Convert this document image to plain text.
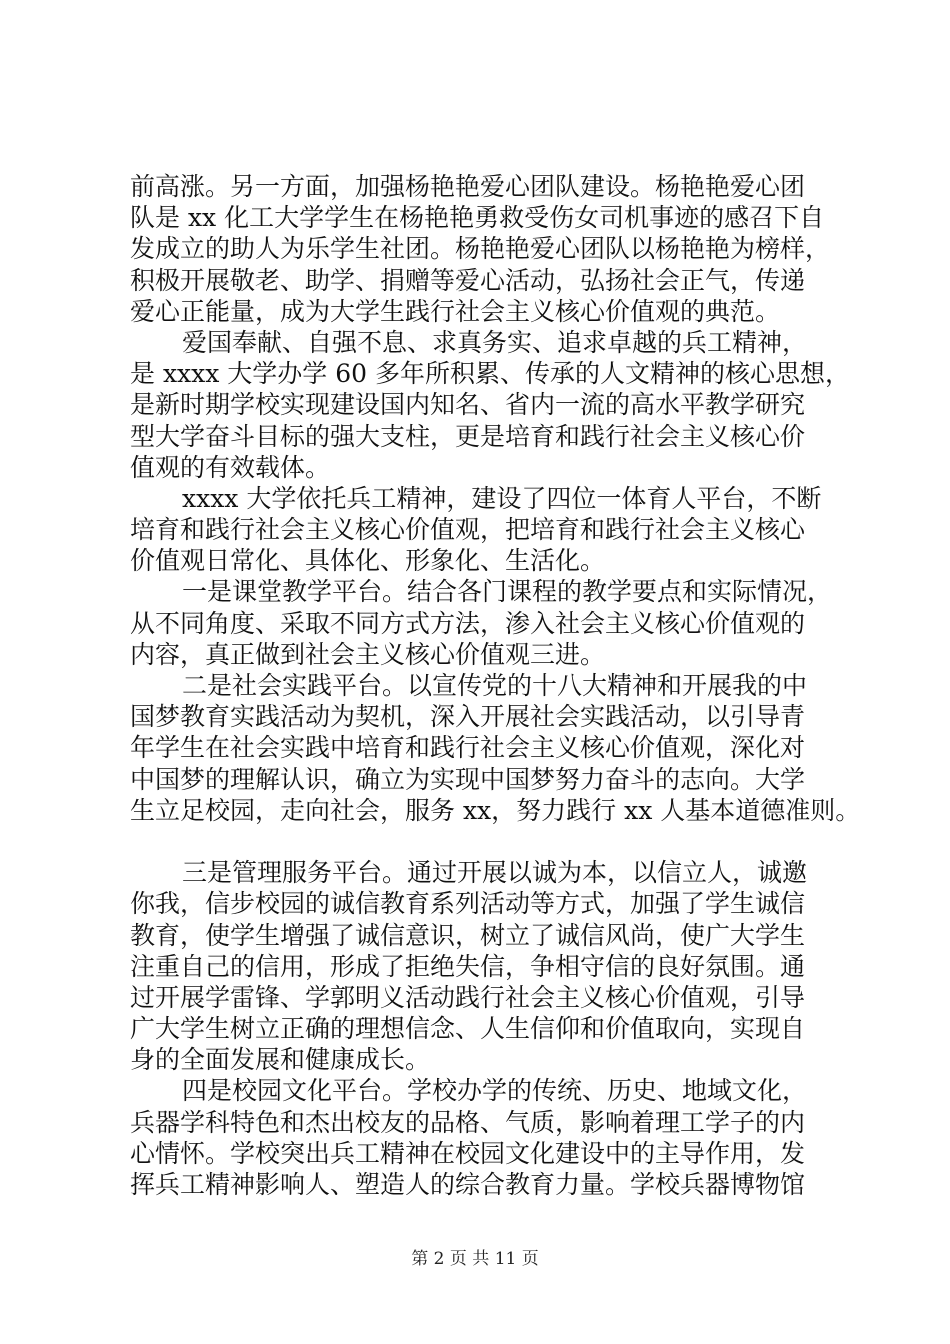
前高涨。另一方面，加强杨艳艳爱心团队建设。杨艳艳爱心团
队是 xx 化工大学学生在杨艳艳勇救受伤女司机事迹的感召下自
发成立的助人为乐学生社团。杨艳艳爱心团队以杨艳艳为榜样，
积极开展敬老、助学、捐赠等爱心活动，弘扬社会正气，传递
爱心正能量，成为大学生践行社会主义核心价值观的典范。
爱国奉献、自强不息、求真务实、追求卓越的兵工精神，
是 xxxx 大学办学 60 多年所积累、传承的人文精神的核心思想，
是新时期学校实现建设国内知名、省内一流的高水平教学研究
型大学奋斗目标的强大支柱，更是培育和践行社会主义核心价
值观的有效载体。
xxxx 大学依托兵工精神，建设了四位一体育人平台，不断
培育和践行社会主义核心价值观，把培育和践行社会主义核心
价值观日常化、具体化、形象化、生活化。
一是课堂教学平台。结合各门课程的教学要点和实际情况，
从不同角度、采取不同方式方法，渗入社会主义核心价值观的
内容，真正做到社会主义核心价值观三进。
二是社会实践平台。以宣传党的十八大精神和开展我的中
国梦教育实践活动为契机，深入开展社会实践活动，以引导青
年学生在社会实践中培育和践行社会主义核心价值观，深化对
中国梦的理解认识，确立为实现中国梦努力奋斗的志向。大学
生立足校园，走向社会，服务 xx，努力践行 xx 人基本道德准则。
三是管理服务平台。通过开展以诚为本，以信立人，诚邀
你我，信步校园的诚信教育系列活动等方式，加强了学生诚信
教育，使学生增强了诚信意识，树立了诚信风尚，使广大学生
注重自己的信用，形成了拒绝失信，争相守信的良好氛围。通
过开展学雷锋、学郭明义活动践行社会主义核心价值观，引导
广大学生树立正确的理想信念、人生信仰和价值取向，实现自
身的全面发展和健康成长。
四是校园文化平台。学校办学的传统、历史、地域文化，
兵器学科特色和杰出校友的品格、气质，影响着理工学子的内
心情怀。学校突出兵工精神在校园文化建设中的主导作用，发
挥兵工精神影响人、塑造人的综合教育力量。学校兵器博物馆
第 2 页 共 11 页
